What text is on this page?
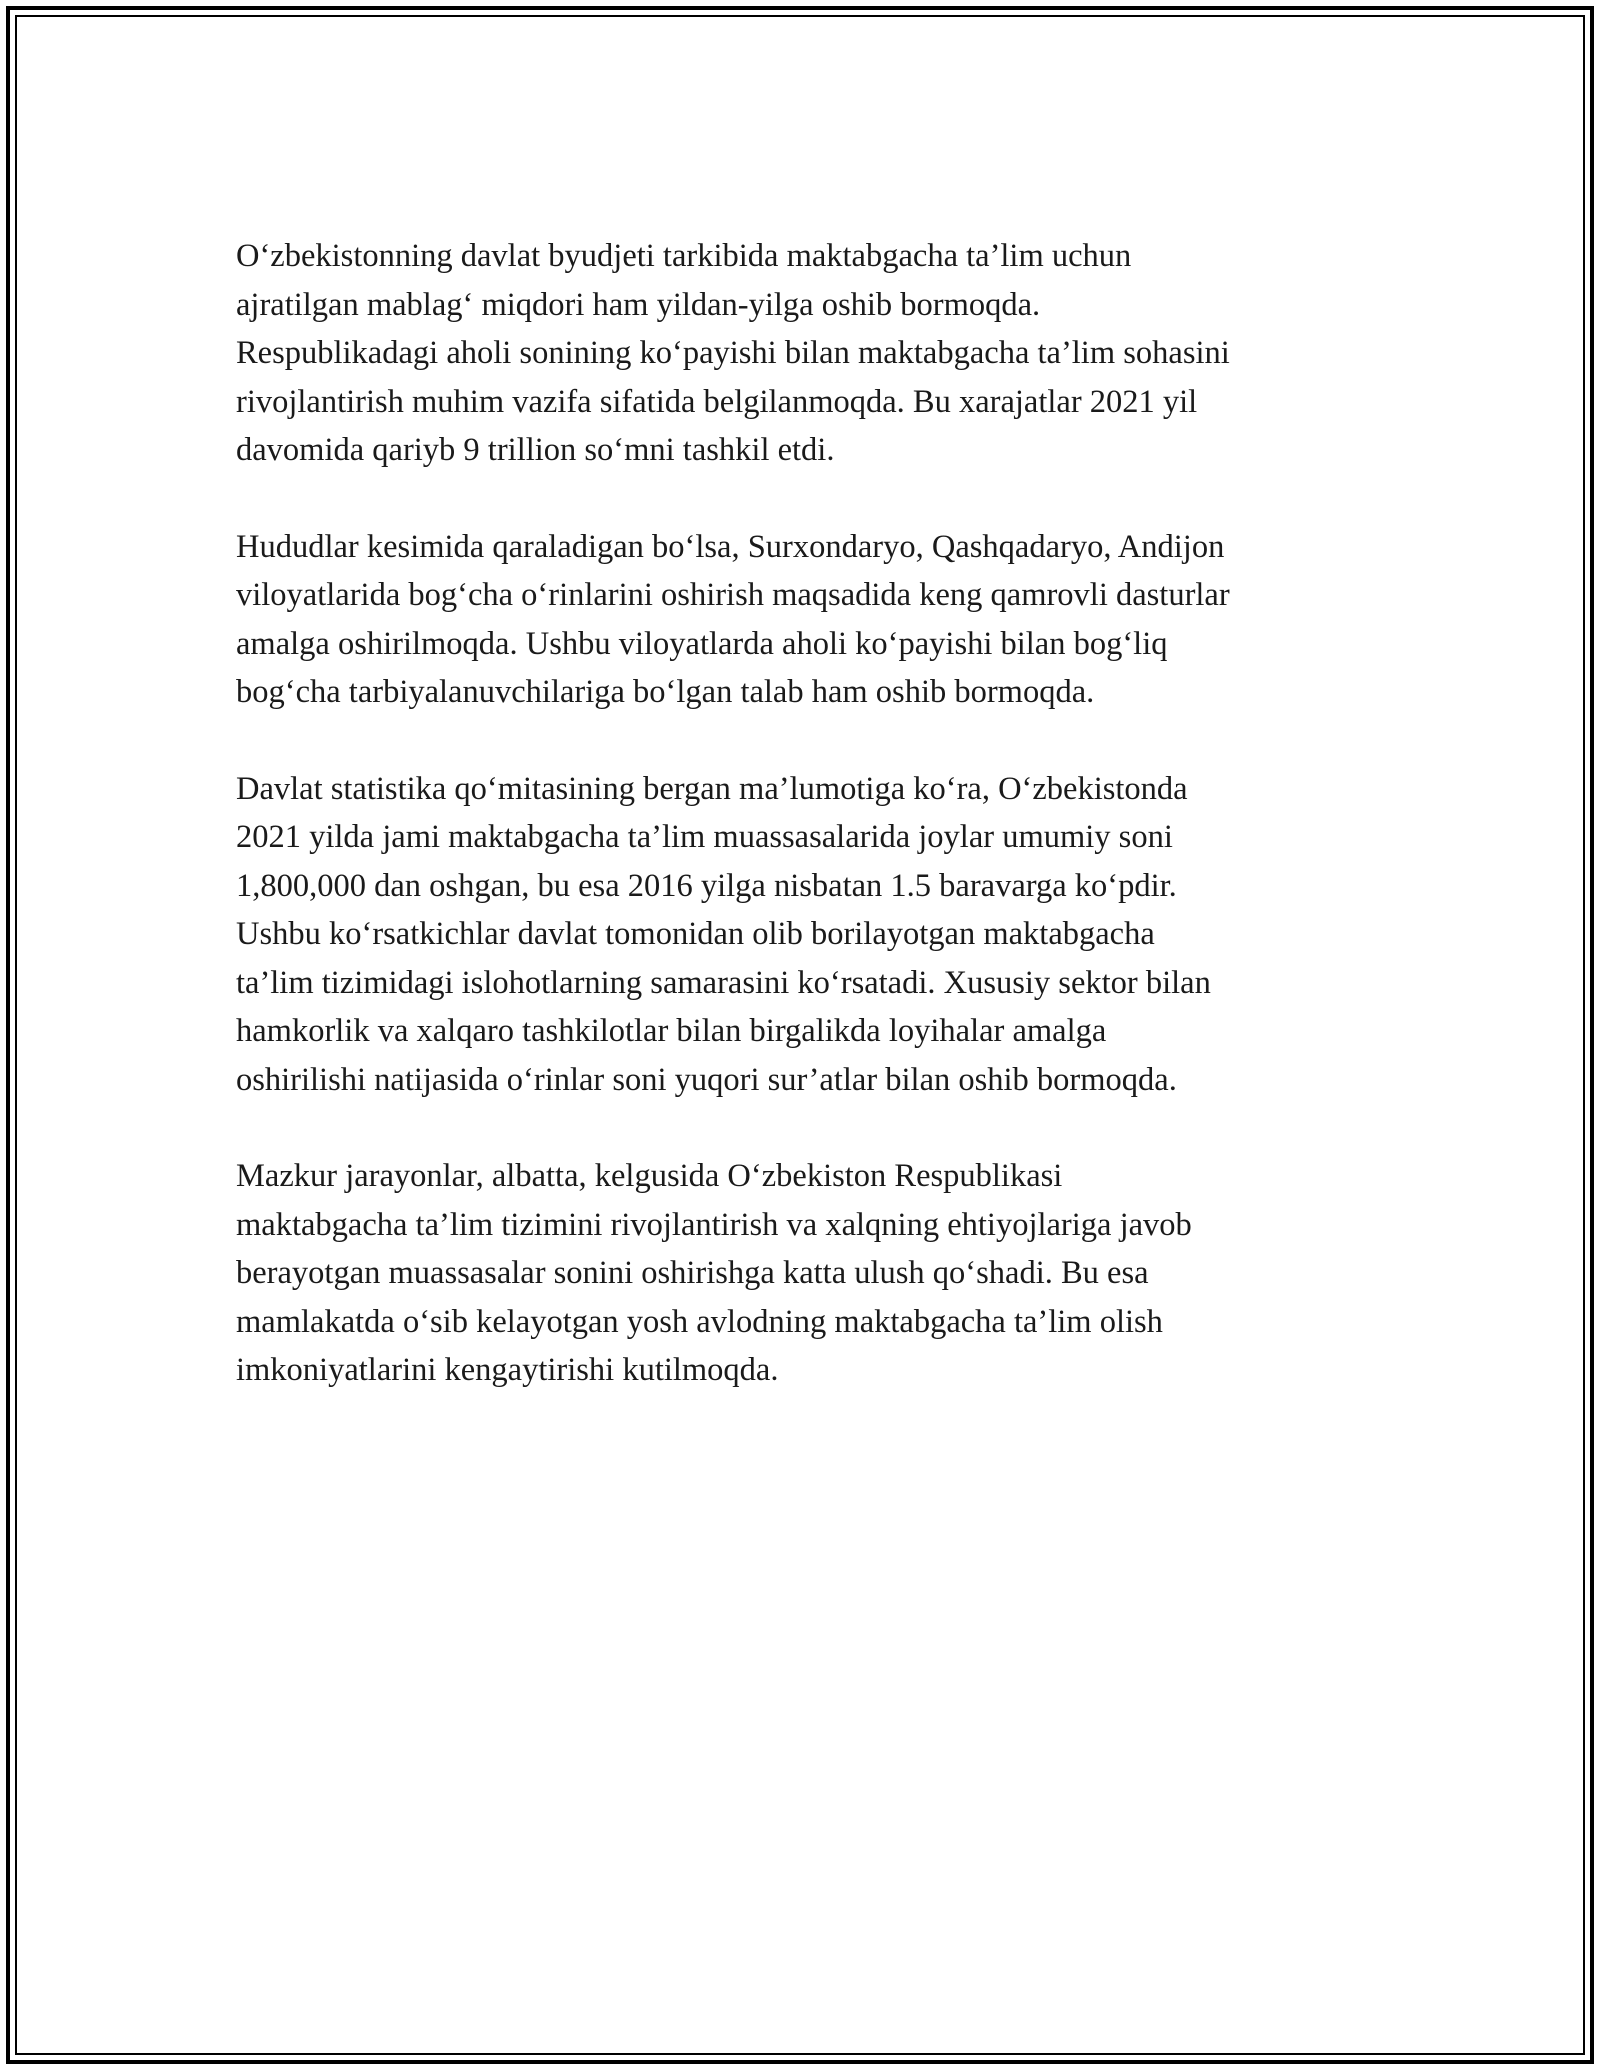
O‘zbekistonning davlat byudjeti tarkibida maktabgacha ta’lim uchun
ajratilgan mablag‘ miqdori ham yildan-yilga oshib bormoqda.
Respublikadagi aholi sonining ko‘payishi bilan maktabgacha ta’lim sohasini
rivojlantirish muhim vazifa sifatida belgilanmoqda. Bu xarajatlar 2021 yil
davomida qariyb 9 trillion so‘mni tashkil etdi.

Hududlar kesimida qaraladigan bo‘lsa, Surxondaryo, Qashqadaryo, Andijon
viloyatlarida bog‘cha o‘rinlarini oshirish maqsadida keng qamrovli dasturlar
amalga oshirilmoqda. Ushbu viloyatlarda aholi ko‘payishi bilan bog‘liq
bog‘cha tarbiyalanuvchilariga bo‘lgan talab ham oshib bormoqda.

Davlat statistika qo‘mitasining bergan ma’lumotiga ko‘ra, O‘zbekistonda
2021 yilda jami maktabgacha ta’lim muassasalarida joylar umumiy soni
1,800,000 dan oshgan, bu esa 2016 yilga nisbatan 1.5 baravarga ko‘pdir.
Ushbu ko‘rsatkichlar davlat tomonidan olib borilayotgan maktabgacha
ta’lim tizimidagi islohotlarning samarasini ko‘rsatadi. Xususiy sektor bilan
hamkorlik va xalqaro tashkilotlar bilan birgalikda loyihalar amalga
oshirilishi natijasida o‘rinlar soni yuqori sur’atlar bilan oshib bormoqda.

Mazkur jarayonlar, albatta, kelgusida O‘zbekiston Respublikasi
maktabgacha ta’lim tizimini rivojlantirish va xalqning ehtiyojlariga javob
berayotgan muassasalar sonini oshirishga katta ulush qo‘shadi. Bu esa
mamlakatda o‘sib kelayotgan yosh avlodning maktabgacha ta’lim olish
imkoniyatlarini kengaytirishi kutilmoqda.
